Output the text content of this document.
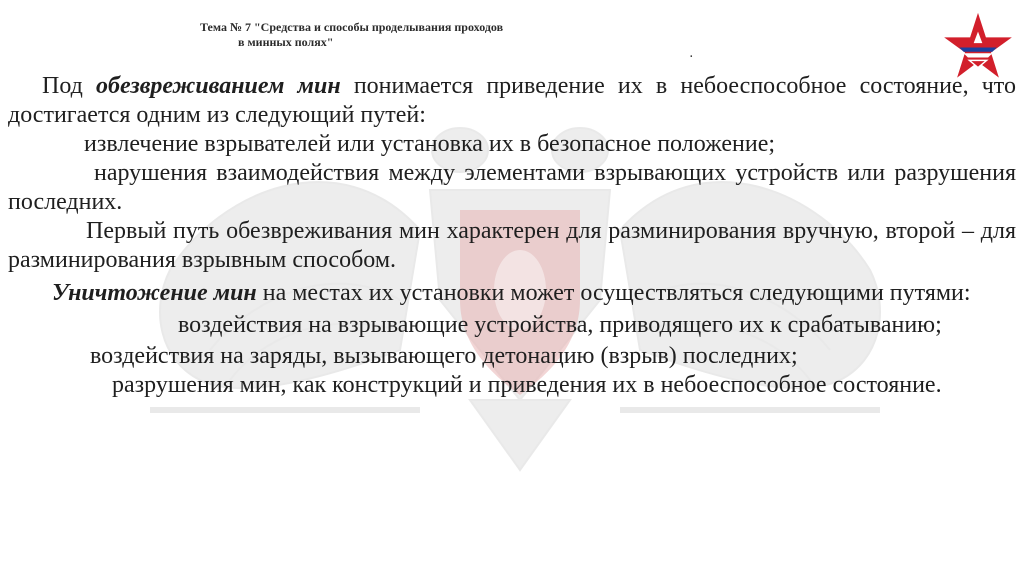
Тема № 7 "Средства и способы проделывания проходов
в минных полях"
.

Под обезвреживанием мин понимается приведение их в небоеспособное состояние, что достигается одним из следующий путей:

извлечение взрывателей или установка их в безопасное положение;

нарушения взаимодействия между элементами взрывающих устройств или разрушения последних.

Первый путь обезвреживания мин характерен для разминирования вручную, второй – для разминирования взрывным способом.

Уничтожение мин на местах их установки может осуществляться следующими путями:

воздействия на взрывающие устройства, приводящего их к срабатыванию;

воздействия на заряды, вызывающего детонацию (взрыв) последних;

разрушения мин, как конструкций и приведения их в небоеспособное состояние.
